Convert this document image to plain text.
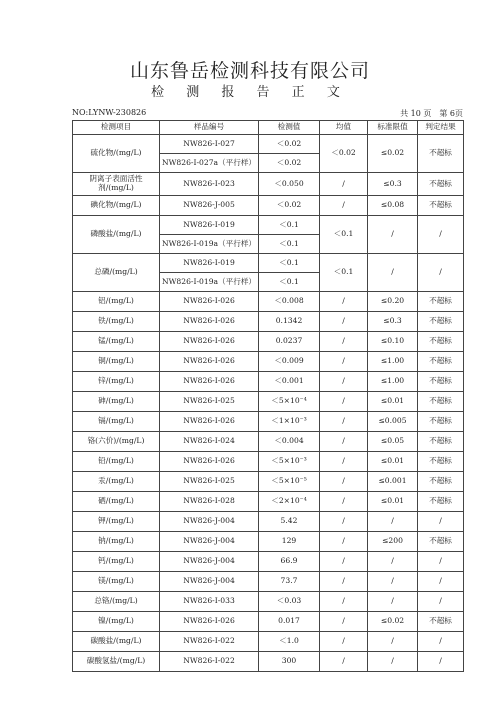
山东鲁岳检测科技有限公司
检 测 报 告 正 文
NO:LYNW-230826	共 10 页 第 6页
检测项目	样品编号	检测值	均值	标准限值	判定结果
硫化物/(mg/L)	NW826-I-027	＜0.02	＜0.02	≤0.02	不超标
	NW826-I-027a（平行样）	＜0.02			
阴离子表面活性剂/(mg/L)	NW826-I-023	＜0.050	/	≤0.3	不超标
碘化物/(mg/L)	NW826-J-005	＜0.02	/	≤0.08	不超标
磷酸盐/(mg/L)	NW826-I-019	＜0.1	＜0.1	/	/
	NW826-I-019a（平行样）	＜0.1			
总磷/(mg/L)	NW826-I-019	＜0.1	＜0.1	/	/
	NW826-I-019a（平行样）	＜0.1			
铝/(mg/L)	NW826-I-026	＜0.008	/	≤0.20	不超标
铁/(mg/L)	NW826-I-026	0.1342	/	≤0.3	不超标
锰/(mg/L)	NW826-I-026	0.0237	/	≤0.10	不超标
铜/(mg/L)	NW826-I-026	＜0.009	/	≤1.00	不超标
锌/(mg/L)	NW826-I-026	＜0.001	/	≤1.00	不超标
砷/(mg/L)	NW826-I-025	＜5×10⁻⁴	/	≤0.01	不超标
镉/(mg/L)	NW826-I-026	＜1×10⁻³	/	≤0.005	不超标
铬(六价)/(mg/L)	NW826-I-024	＜0.004	/	≤0.05	不超标
铅/(mg/L)	NW826-I-026	＜5×10⁻³	/	≤0.01	不超标
汞/(mg/L)	NW826-I-025	＜5×10⁻⁵	/	≤0.001	不超标
硒/(mg/L)	NW826-I-028	＜2×10⁻⁴	/	≤0.01	不超标
钾/(mg/L)	NW826-J-004	5.42	/	/	/
钠/(mg/L)	NW826-J-004	129	/	≤200	不超标
钙/(mg/L)	NW826-J-004	66.9	/	/	/
镁/(mg/L)	NW826-J-004	73.7	/	/	/
总铬/(mg/L)	NW826-I-033	＜0.03	/	/	/
镍/(mg/L)	NW826-I-026	0.017	/	≤0.02	不超标
碳酸盐/(mg/L)	NW826-I-022	＜1.0	/	/	/
碳酸氢盐/(mg/L)	NW826-I-022	300	/	/	/
